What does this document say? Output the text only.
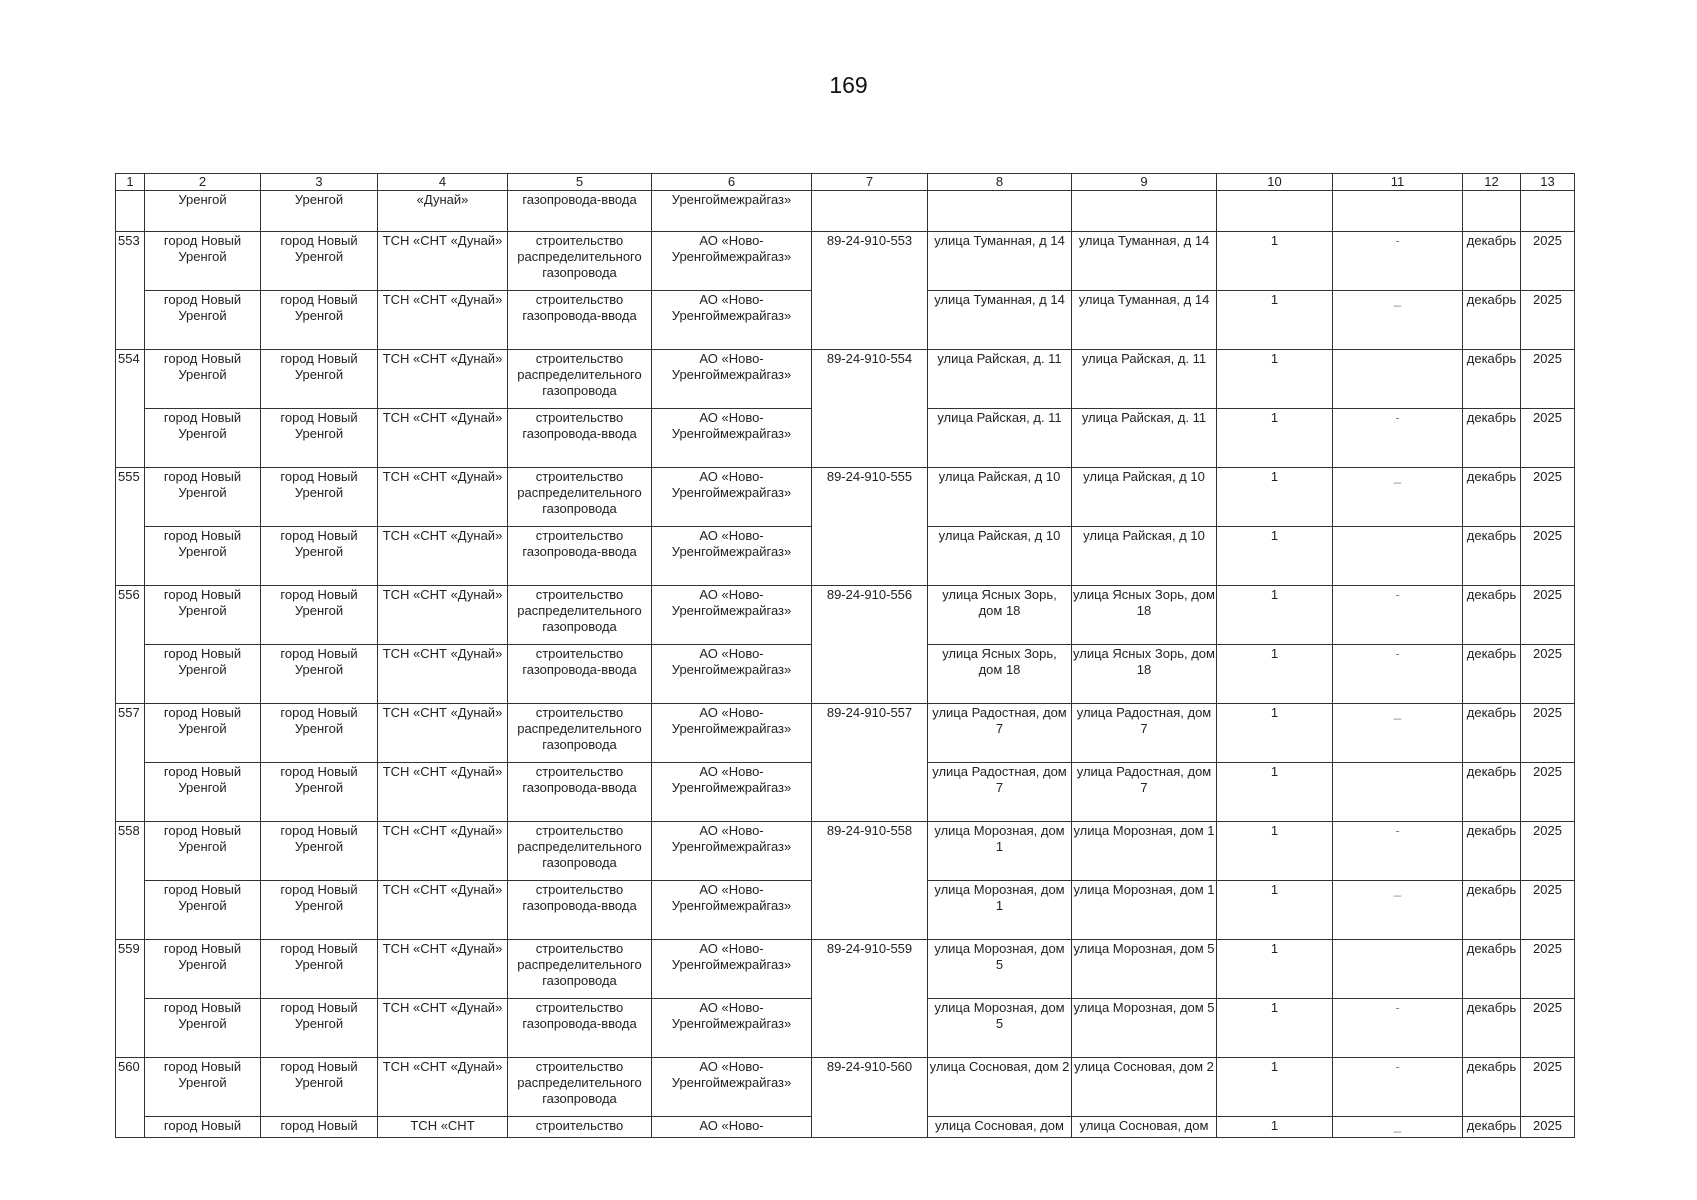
169
1	2	3	4	5	6	7	8	9	10	11	12	13
	Уренгой	Уренгой	«Дунай»	газопровода-ввода	Уренгоймежрайгаз»							
553	город Новый Уренгой	город Новый Уренгой	ТСН «СНТ «Дунай»	строительство распределительного газопровода	АО «Ново-Уренгоймежрайгаз»	89-24-910-553	улица Туманная, д 14	улица Туманная, д 14	1	-	декабрь	2025
	город Новый Уренгой	город Новый Уренгой	ТСН «СНТ «Дунай»	строительство газопровода-ввода	АО «Ново-Уренгоймежрайгаз»		улица Туманная, д 14	улица Туманная, д 14	1	_	декабрь	2025
554	город Новый Уренгой	город Новый Уренгой	ТСН «СНТ «Дунай»	строительство распределительного газопровода	АО «Ново-Уренгоймежрайгаз»	89-24-910-554	улица Райская, д. 11	улица Райская, д. 11	1		декабрь	2025
	город Новый Уренгой	город Новый Уренгой	ТСН «СНТ «Дунай»	строительство газопровода-ввода	АО «Ново-Уренгоймежрайгаз»		улица Райская, д. 11	улица Райская, д. 11	1	-	декабрь	2025
555	город Новый Уренгой	город Новый Уренгой	ТСН «СНТ «Дунай»	строительство распределительного газопровода	АО «Ново-Уренгоймежрайгаз»	89-24-910-555	улица Райская, д 10	улица Райская, д 10	1	_	декабрь	2025
	город Новый Уренгой	город Новый Уренгой	ТСН «СНТ «Дунай»	строительство газопровода-ввода	АО «Ново-Уренгоймежрайгаз»		улица Райская, д 10	улица Райская, д 10	1		декабрь	2025
556	город Новый Уренгой	город Новый Уренгой	ТСН «СНТ «Дунай»	строительство распределительного газопровода	АО «Ново-Уренгоймежрайгаз»	89-24-910-556	улица Ясных Зорь, дом 18	улица Ясных Зорь, дом 18	1	-	декабрь	2025
	город Новый Уренгой	город Новый Уренгой	ТСН «СНТ «Дунай»	строительство газопровода-ввода	АО «Ново-Уренгоймежрайгаз»		улица Ясных Зорь, дом 18	улица Ясных Зорь, дом 18	1	-	декабрь	2025
557	город Новый Уренгой	город Новый Уренгой	ТСН «СНТ «Дунай»	строительство распределительного газопровода	АО «Ново-Уренгоймежрайгаз»	89-24-910-557	улица Радостная, дом 7	улица Радостная, дом 7	1	_	декабрь	2025
	город Новый Уренгой	город Новый Уренгой	ТСН «СНТ «Дунай»	строительство газопровода-ввода	АО «Ново-Уренгоймежрайгаз»		улица Радостная, дом 7	улица Радостная, дом 7	1		декабрь	2025
558	город Новый Уренгой	город Новый Уренгой	ТСН «СНТ «Дунай»	строительство распределительного газопровода	АО «Ново-Уренгоймежрайгаз»	89-24-910-558	улица Морозная, дом 1	улица Морозная, дом 1	1	-	декабрь	2025
	город Новый Уренгой	город Новый Уренгой	ТСН «СНТ «Дунай»	строительство газопровода-ввода	АО «Ново-Уренгоймежрайгаз»		улица Морозная, дом 1	улица Морозная, дом 1	1	_	декабрь	2025
559	город Новый Уренгой	город Новый Уренгой	ТСН «СНТ «Дунай»	строительство распределительного газопровода	АО «Ново-Уренгоймежрайгаз»	89-24-910-559	улица Морозная, дом 5	улица Морозная, дом 5	1		декабрь	2025
	город Новый Уренгой	город Новый Уренгой	ТСН «СНТ «Дунай»	строительство газопровода-ввода	АО «Ново-Уренгоймежрайгаз»		улица Морозная, дом 5	улица Морозная, дом 5	1	-	декабрь	2025
560	город Новый Уренгой	город Новый Уренгой	ТСН «СНТ «Дунай»	строительство распределительного газопровода	АО «Ново-Уренгоймежрайгаз»	89-24-910-560	улица Сосновая, дом 2	улица Сосновая, дом 2	1	-	декабрь	2025
	город Новый	город Новый	ТСН «СНТ	строительство	АО «Ново-		улица Сосновая, дом	улица Сосновая, дом	1	_	декабрь	2025
